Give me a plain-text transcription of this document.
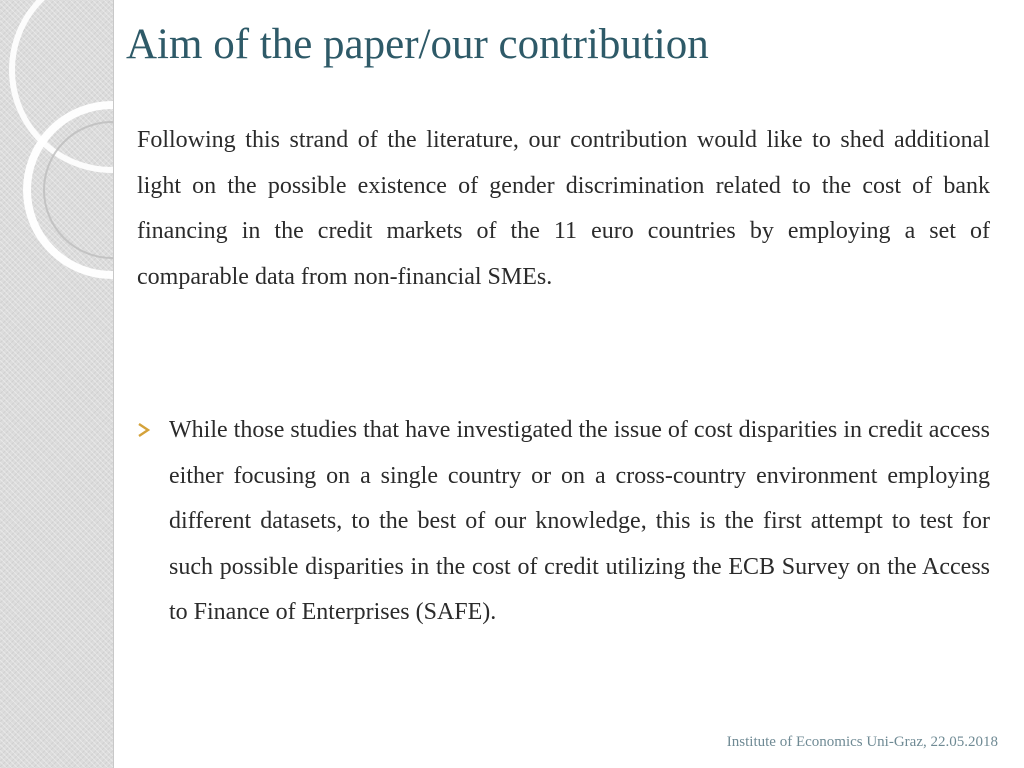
Aim of the paper/our contribution

Following this strand of the literature, our contribution would like to shed additional light on the possible existence of gender discrimination related to the cost of bank financing in the credit markets of the 11 euro countries by employing a set of comparable data from non-financial SMEs.

While those studies that have investigated the issue of cost disparities in credit access either focusing on a single country or on a cross-country environment employing different datasets, to the best of our knowledge, this is the first attempt to test for such possible disparities in the cost of credit utilizing the ECB Survey on the Access to Finance of Enterprises (SAFE).

Institute of Economics Uni-Graz, 22.05.2018
